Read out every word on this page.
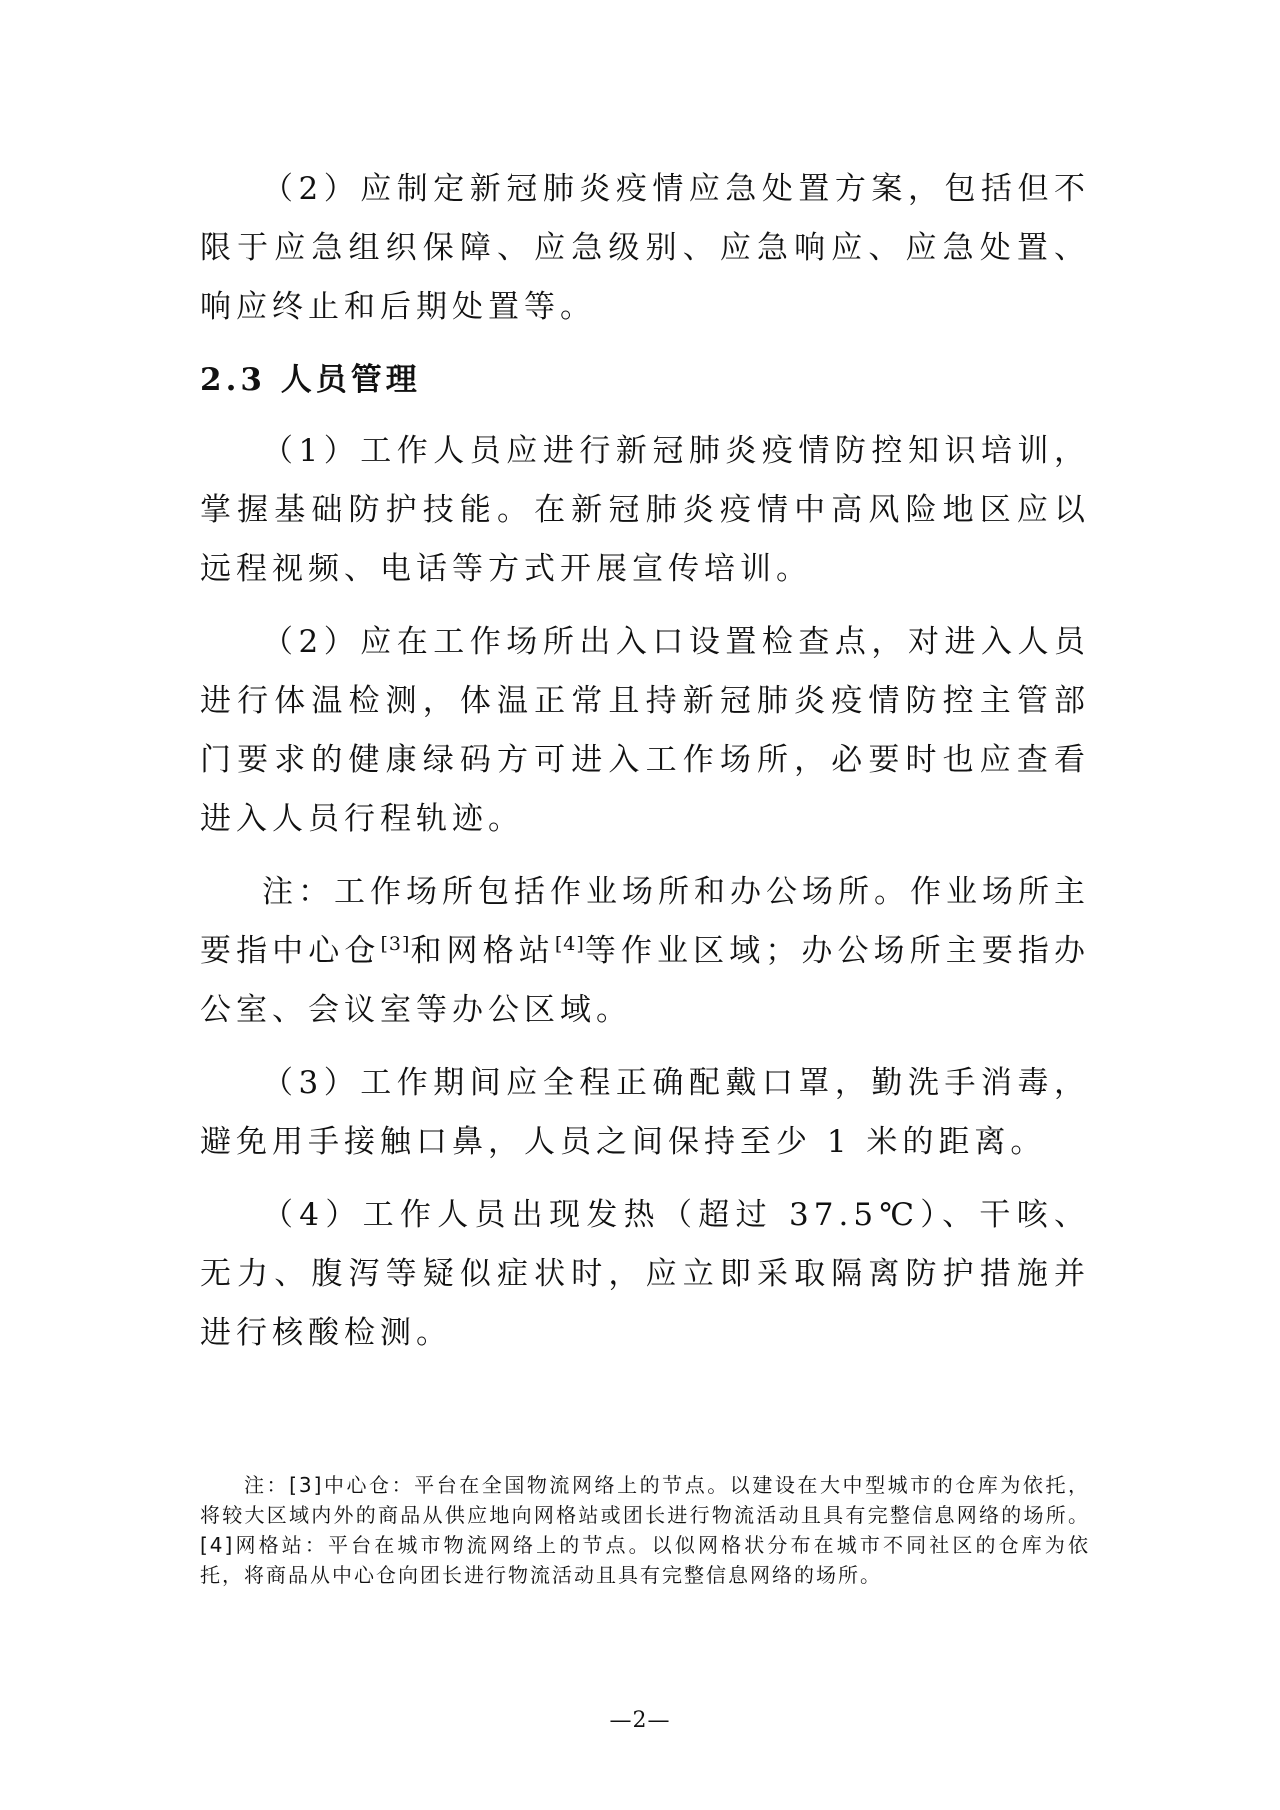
（2）应制定新冠肺炎疫情应急处置方案，包括但不限于应急组织保障、应急级别、应急响应、应急处置、响应终止和后期处置等。

2.3 人员管理

（1）工作人员应进行新冠肺炎疫情防控知识培训，掌握基础防护技能。在新冠肺炎疫情中高风险地区应以远程视频、电话等方式开展宣传培训。

（2）应在工作场所出入口设置检查点，对进入人员进行体温检测，体温正常且持新冠肺炎疫情防控主管部门要求的健康绿码方可进入工作场所，必要时也应查看进入人员行程轨迹。

注：工作场所包括作业场所和办公场所。作业场所主要指中心仓[3]和网格站[4]等作业区域；办公场所主要指办公室、会议室等办公区域。

（3）工作期间应全程正确配戴口罩，勤洗手消毒，避免用手接触口鼻，人员之间保持至少 1 米的距离。

（4）工作人员出现发热（超过 37.5℃）、干咳、无力、腹泻等疑似症状时，应立即采取隔离防护措施并进行核酸检测。

注：[3]中心仓：平台在全国物流网络上的节点。以建设在大中型城市的仓库为依托，将较大区域内外的商品从供应地向网格站或团长进行物流活动且具有完整信息网络的场所。[4]网格站：平台在城市物流网络上的节点。以似网格状分布在城市不同社区的仓库为依托，将商品从中心仓向团长进行物流活动且具有完整信息网络的场所。
—2—
